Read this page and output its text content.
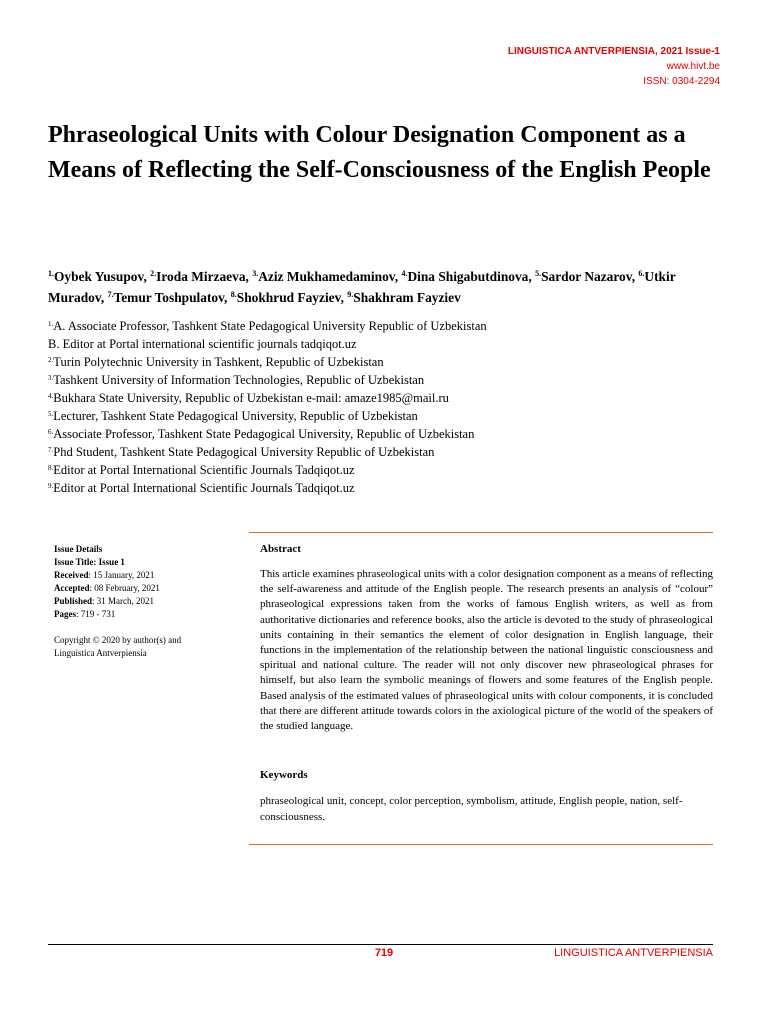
LINGUISTICA ANTVERPIENSIA, 2021 Issue-1
www.hivt.be
ISSN: 0304-2294
Phraseological Units with Colour Designation Component as a Means of Reflecting the Self-Consciousness of the English People

$^{1.}$Oybek Yusupov, $^{2.}$Iroda Mirzaeva, $^{3.}$Aziz Mukhamedaminov, $^{4.}$Dina Shigabutdinova, $^{5.}$Sardor Nazarov, $^{6.}$Utkir Muradov, $^{7.}$Temur Toshpulatov, $^{8.}$Shokhrud Fayziev, $^{9.}$Shakhram Fayziev

$^{1.}$A. Associate Professor, Tashkent State Pedagogical University Republic of Uzbekistan
B. Editor at Portal international scientific journals tadqiqot.uz
$^{2.}$Turin Polytechnic University in Tashkent, Republic of Uzbekistan
$^{3.}$Tashkent University of Information Technologies, Republic of Uzbekistan
$^{4.}$Bukhara State University, Republic of Uzbekistan e-mail: amaze1985@mail.ru
$^{5.}$Lecturer, Tashkent State Pedagogical University, Republic of Uzbekistan
$^{6.}$Associate Professor, Tashkent State Pedagogical University, Republic of Uzbekistan
$^{7.}$Phd Student, Tashkent State Pedagogical University Republic of Uzbekistan
$^{8.}$Editor at Portal International Scientific Journals Tadqiqot.uz
$^{9.}$Editor at Portal International Scientific Journals Tadqiqot.uz
Issue Details
Issue Title: Issue 1
Received: 15 January, 2021
Accepted: 08 February, 2021
Published: 31 March, 2021
Pages: 719 - 731
Copyright © 2020 by author(s) and Linguistica Antverpiensia
Abstract

This article examines phraseological units with a color designation component as a means of reflecting the self-awareness and attitude of the English people. The research presents an analysis of “colour” phraseological expressions taken from the works of famous English writers, as well as from authoritative dictionaries and reference books, also the article is devoted to the study of phraseological units containing in their semantics the element of color designation in English language, their functions in the implementation of the relationship between the national linguistic consciousness and spiritual and national culture. The reader will not only discover new phraseological phrases for himself, but also learn the symbolic meanings of flowers and some features of the English people. Based analysis of the estimated values of phraseological units with colour components, it is concluded that there are different attitude towards colors in the axiological picture of the world of the speakers of the studied language.

Keywords

phraseological unit, concept, color perception, symbolism, attitude, English people, nation, self-consciousness.

719	LINGUISTICA ANTVERPIENSIA
